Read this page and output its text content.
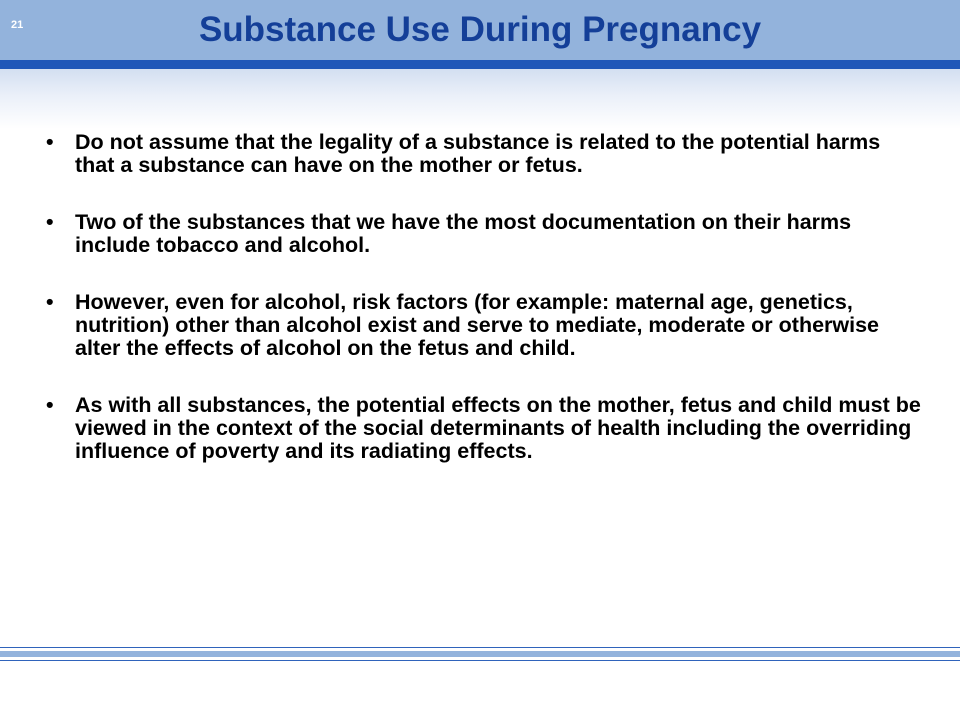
21	Substance Use During Pregnancy
• Do not assume that the legality of a substance is related to the potential harms that a substance can have on the mother or fetus.
• Two of the substances that we have the most documentation on their harms include tobacco and alcohol.
• However, even for alcohol, risk factors (for example: maternal age, genetics, nutrition) other than alcohol exist and serve to mediate, moderate or otherwise alter the effects of alcohol on the fetus and child.
• As with all substances, the potential effects on the mother, fetus and child must be viewed in the context of the social determinants of health including the overriding influence of poverty and its radiating effects.
